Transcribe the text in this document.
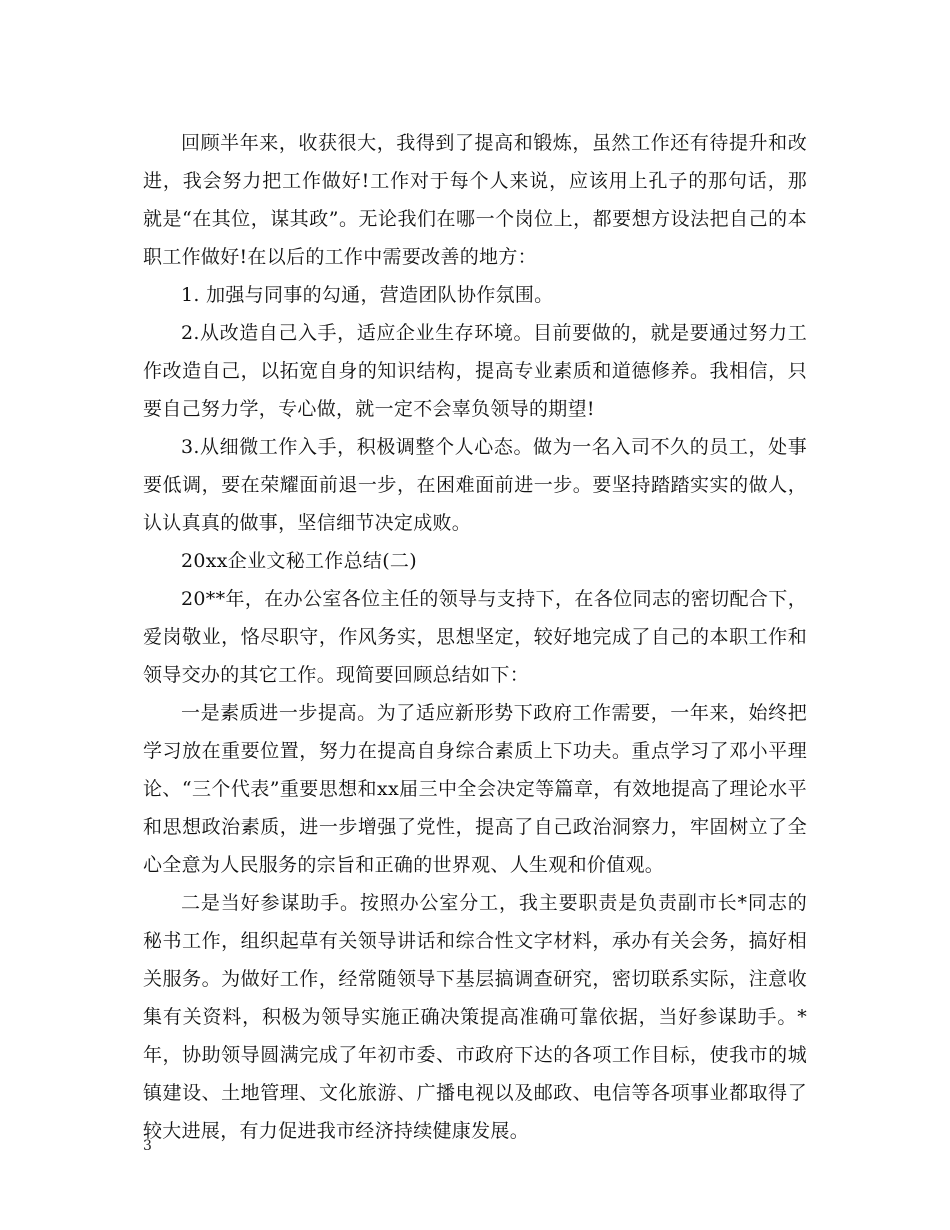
回顾半年来，收获很大，我得到了提高和锻炼，虽然工作还有待提升和改进，我会努力把工作做好!工作对于每个人来说，应该用上孔子的那句话，那就是“在其位，谋其政”。无论我们在哪一个岗位上，都要想方设法把自己的本职工作做好!在以后的工作中需要改善的地方：

1. 加强与同事的勾通，营造团队协作氛围。

2.从改造自己入手，适应企业生存环境。目前要做的，就是要通过努力工作改造自己，以拓宽自身的知识结构，提高专业素质和道德修养。我相信，只要自己努力学，专心做，就一定不会辜负领导的期望!

3.从细微工作入手，积极调整个人心态。做为一名入司不久的员工，处事要低调，要在荣耀面前退一步，在困难面前进一步。要坚持踏踏实实的做人，认认真真的做事，坚信细节决定成败。

20xx企业文秘工作总结(二)

20**年，在办公室各位主任的领导与支持下，在各位同志的密切配合下，爱岗敬业，恪尽职守，作风务实，思想坚定，较好地完成了自己的本职工作和领导交办的其它工作。现简要回顾总结如下：

一是素质进一步提高。为了适应新形势下政府工作需要，一年来，始终把学习放在重要位置，努力在提高自身综合素质上下功夫。重点学习了邓小平理论、“三个代表”重要思想和xx届三中全会决定等篇章，有效地提高了理论水平和思想政治素质，进一步增强了党性，提高了自己政治洞察力，牢固树立了全心全意为人民服务的宗旨和正确的世界观、人生观和价值观。

二是当好参谋助手。按照办公室分工，我主要职责是负责副市长*同志的秘书工作，组织起草有关领导讲话和综合性文字材料，承办有关会务，搞好相关服务。为做好工作，经常随领导下基层搞调查研究，密切联系实际，注意收集有关资料，积极为领导实施正确决策提高准确可靠依据，当好参谋助手。*年，协助领导圆满完成了年初市委、市政府下达的各项工作目标，使我市的城镇建设、土地管理、文化旅游、广播电视以及邮政、电信等各项事业都取得了较大进展，有力促进我市经济持续健康发展。

3
